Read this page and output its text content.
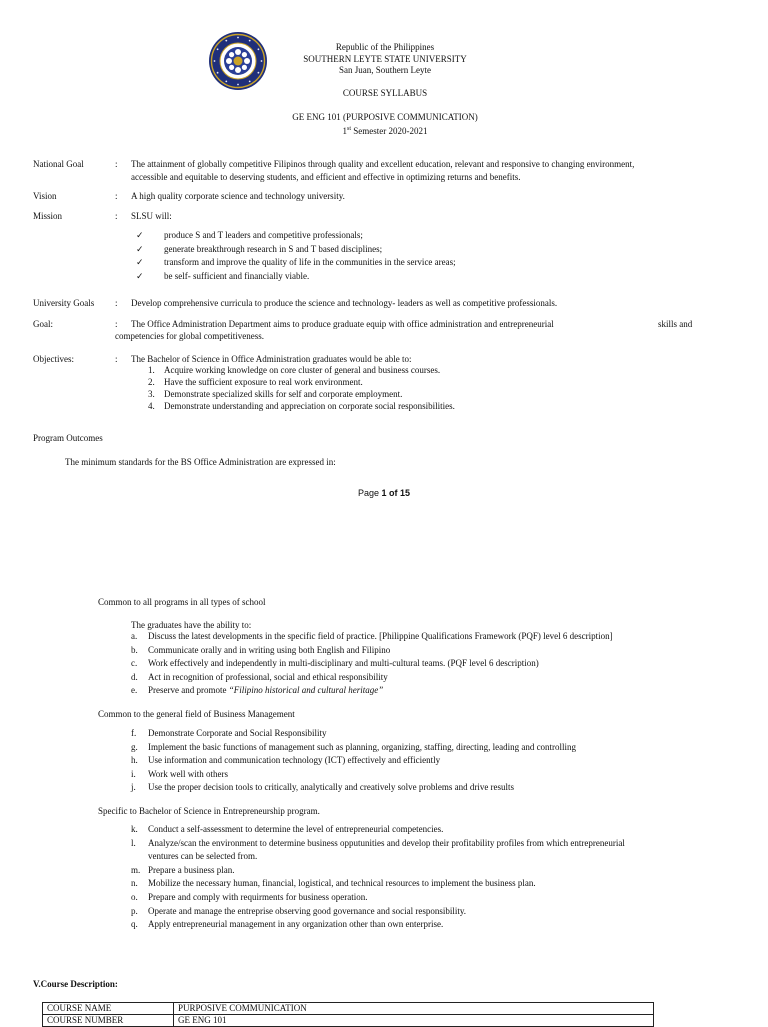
Republic of the Philippines
SOUTHERN LEYTE STATE UNIVERSITY
San Juan, Southern Leyte
COURSE SYLLABUS
GE ENG 101 (PURPOSIVE COMMUNICATION)
1st Semester 2020-2021
National Goal	: The attainment of globally competitive Filipinos through quality and excellent education, relevant and responsive to changing environment,
accessible and equitable to deserving students, and efficient and effective in optimizing returns and benefits.
Vision	: A high quality corporate science and technology university.
Mission	: SLSU will:
✓ produce S and T leaders and competitive professionals;
✓ generate breakthrough research in S and T based disciplines;
✓ transform and improve the quality of life in the communities in the service areas;
✓ be self- sufficient and financially viable.
University Goals : Develop comprehensive curricula to produce the science and technology- leaders as well as competitive professionals.
Goal:	: The Office Administration Department aims to produce graduate equip with office administration and entrepreneurial	skills and
competencies for global competitiveness.
Objectives:	: The Bachelor of Science in Office Administration graduates would be able to:
1. Acquire working knowledge on core cluster of general and business courses.
2. Have the sufficient exposure to real work environment.
3. Demonstrate specialized skills for self and corporate employment.
4. Demonstrate understanding and appreciation on corporate social responsibilities.
Program Outcomes
The minimum standards for the BS Office Administration are expressed in:
Page 1 of 15
Common to all programs in all types of school
The graduates have the ability to:
a. Discuss the latest developments in the specific field of practice. [Philippine Qualifications Framework (PQF) level 6 description]
b. Communicate orally and in writing using both English and Filipino
c. Work effectively and independently in multi-disciplinary and multi-cultural teams. (PQF level 6 description)
d. Act in recognition of professional, social and ethical responsibility
e. Preserve and promote “Filipino historical and cultural heritage”
Common to the general field of Business Management
f. Demonstrate Corporate and Social Responsibility
g. Implement the basic functions of management such as planning, organizing, staffing, directing, leading and controlling
h. Use information and communication technology (ICT) effectively and efficiently
i. Work well with others
j. Use the proper decision tools to critically, analytically and creatively solve problems and drive results
Specific to Bachelor of Science in Entrepreneurship program.
k. Conduct a self-assessment to determine the level of entrepreneurial competencies.
l. Analyze/scan the environment to determine business opputunities and develop their profitability profiles from which entrepreneurial
ventures can be selected from.
m. Prepare a business plan.
n. Mobilize the necessary human, financial, logistical, and technical resources to implement the business plan.
o. Prepare and comply with requirments for business operation.
p. Operate and manage the entreprise observing good governance and social responsibility.
q. Apply entrepreneurial management in any organization other than own enterprise.
V.Course Description:
COURSE NAME	PURPOSIVE COMMUNICATION
COURSE NUMBER	GE ENG 101
